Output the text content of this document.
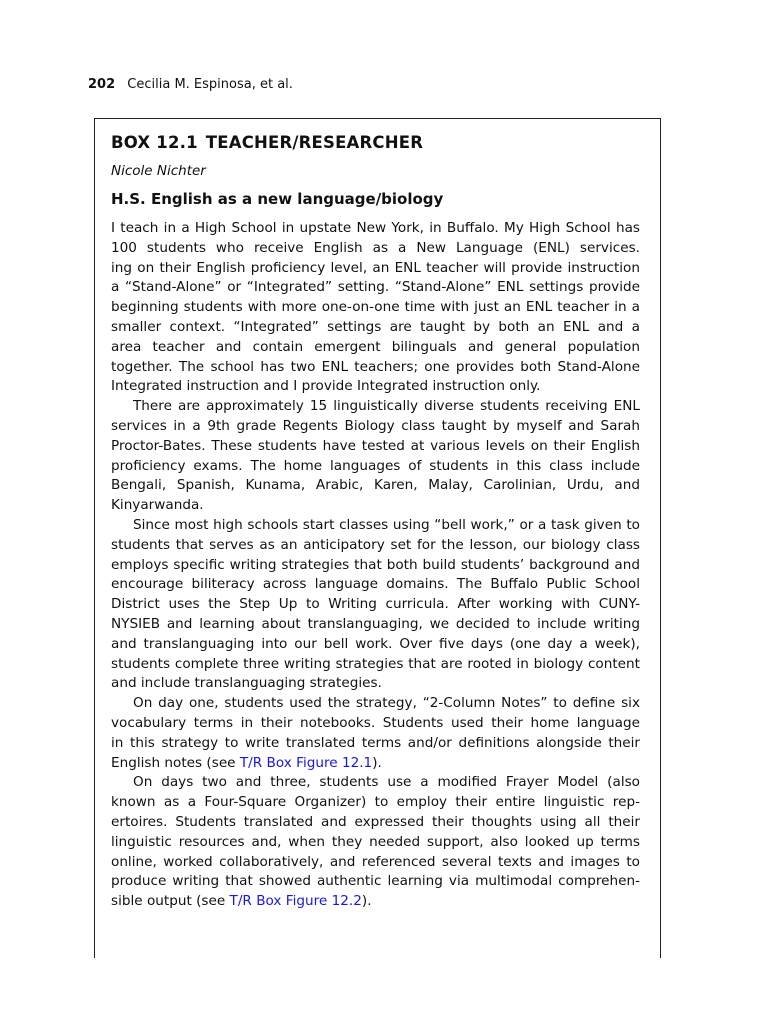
202 Cecilia M. Espinosa, et al.
BOX 12.1 TEACHER/RESEARCHER
Nicole Nichter
H.S. English as a new language/biology
I teach in a High School in upstate New York, in Buffalo. My High School has
100 students who receive English as a New Language (ENL) services.
ing on their English proficiency level, an ENL teacher will provide instruction
a “Stand-Alone” or “Integrated” setting. “Stand-Alone” ENL settings provide
beginning students with more one-on-one time with just an ENL teacher in a
smaller context. “Integrated” settings are taught by both an ENL and a
area teacher and contain emergent bilinguals and general population
together. The school has two ENL teachers; one provides both Stand-Alone
Integrated instruction and I provide Integrated instruction only.
There are approximately 15 linguistically diverse students receiving ENL
services in a 9th grade Regents Biology class taught by myself and Sarah
Proctor-Bates. These students have tested at various levels on their English
proficiency exams. The home languages of students in this class include
Bengali, Spanish, Kunama, Arabic, Karen, Malay, Carolinian, Urdu, and
Kinyarwanda.
Since most high schools start classes using “bell work,” or a task given to
students that serves as an anticipatory set for the lesson, our biology class
employs specific writing strategies that both build students’ background and
encourage biliteracy across language domains. The Buffalo Public School
District uses the Step Up to Writing curricula. After working with CUNY-
NYSIEB and learning about translanguaging, we decided to include writing
and translanguaging into our bell work. Over five days (one day a week),
students complete three writing strategies that are rooted in biology content
and include translanguaging strategies.
On day one, students used the strategy, “2-Column Notes” to define six
vocabulary terms in their notebooks. Students used their home language
in this strategy to write translated terms and/or definitions alongside their
English notes (see T/R Box Figure 12.1).
On days two and three, students use a modified Frayer Model (also
known as a Four-Square Organizer) to employ their entire linguistic rep-
ertoires. Students translated and expressed their thoughts using all their
linguistic resources and, when they needed support, also looked up terms
online, worked collaboratively, and referenced several texts and images to
produce writing that showed authentic learning via multimodal comprehen-
sible output (see T/R Box Figure 12.2).
